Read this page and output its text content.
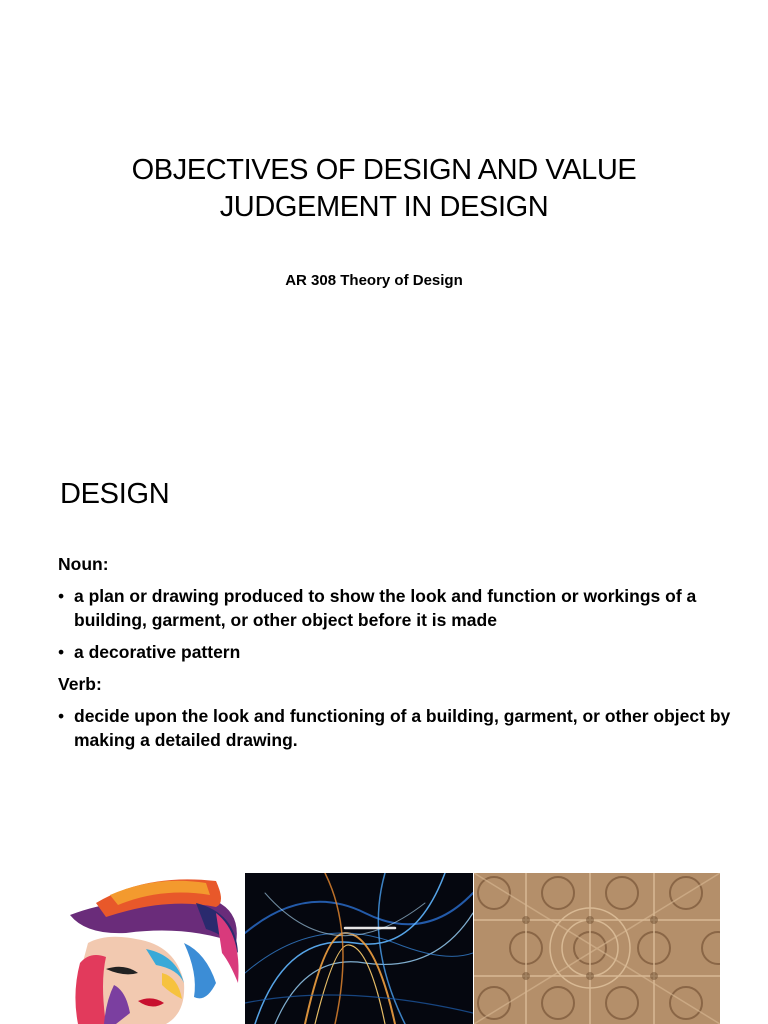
OBJECTIVES OF DESIGN AND VALUE
JUDGEMENT IN DESIGN
AR 308 Theory of Design
DESIGN
Noun:
• a plan or drawing produced to show the look and function or workings of a building, garment, or other object before it is made
• a decorative pattern
Verb:
• decide upon the look and functioning of a building, garment, or other object by making a detailed drawing.
